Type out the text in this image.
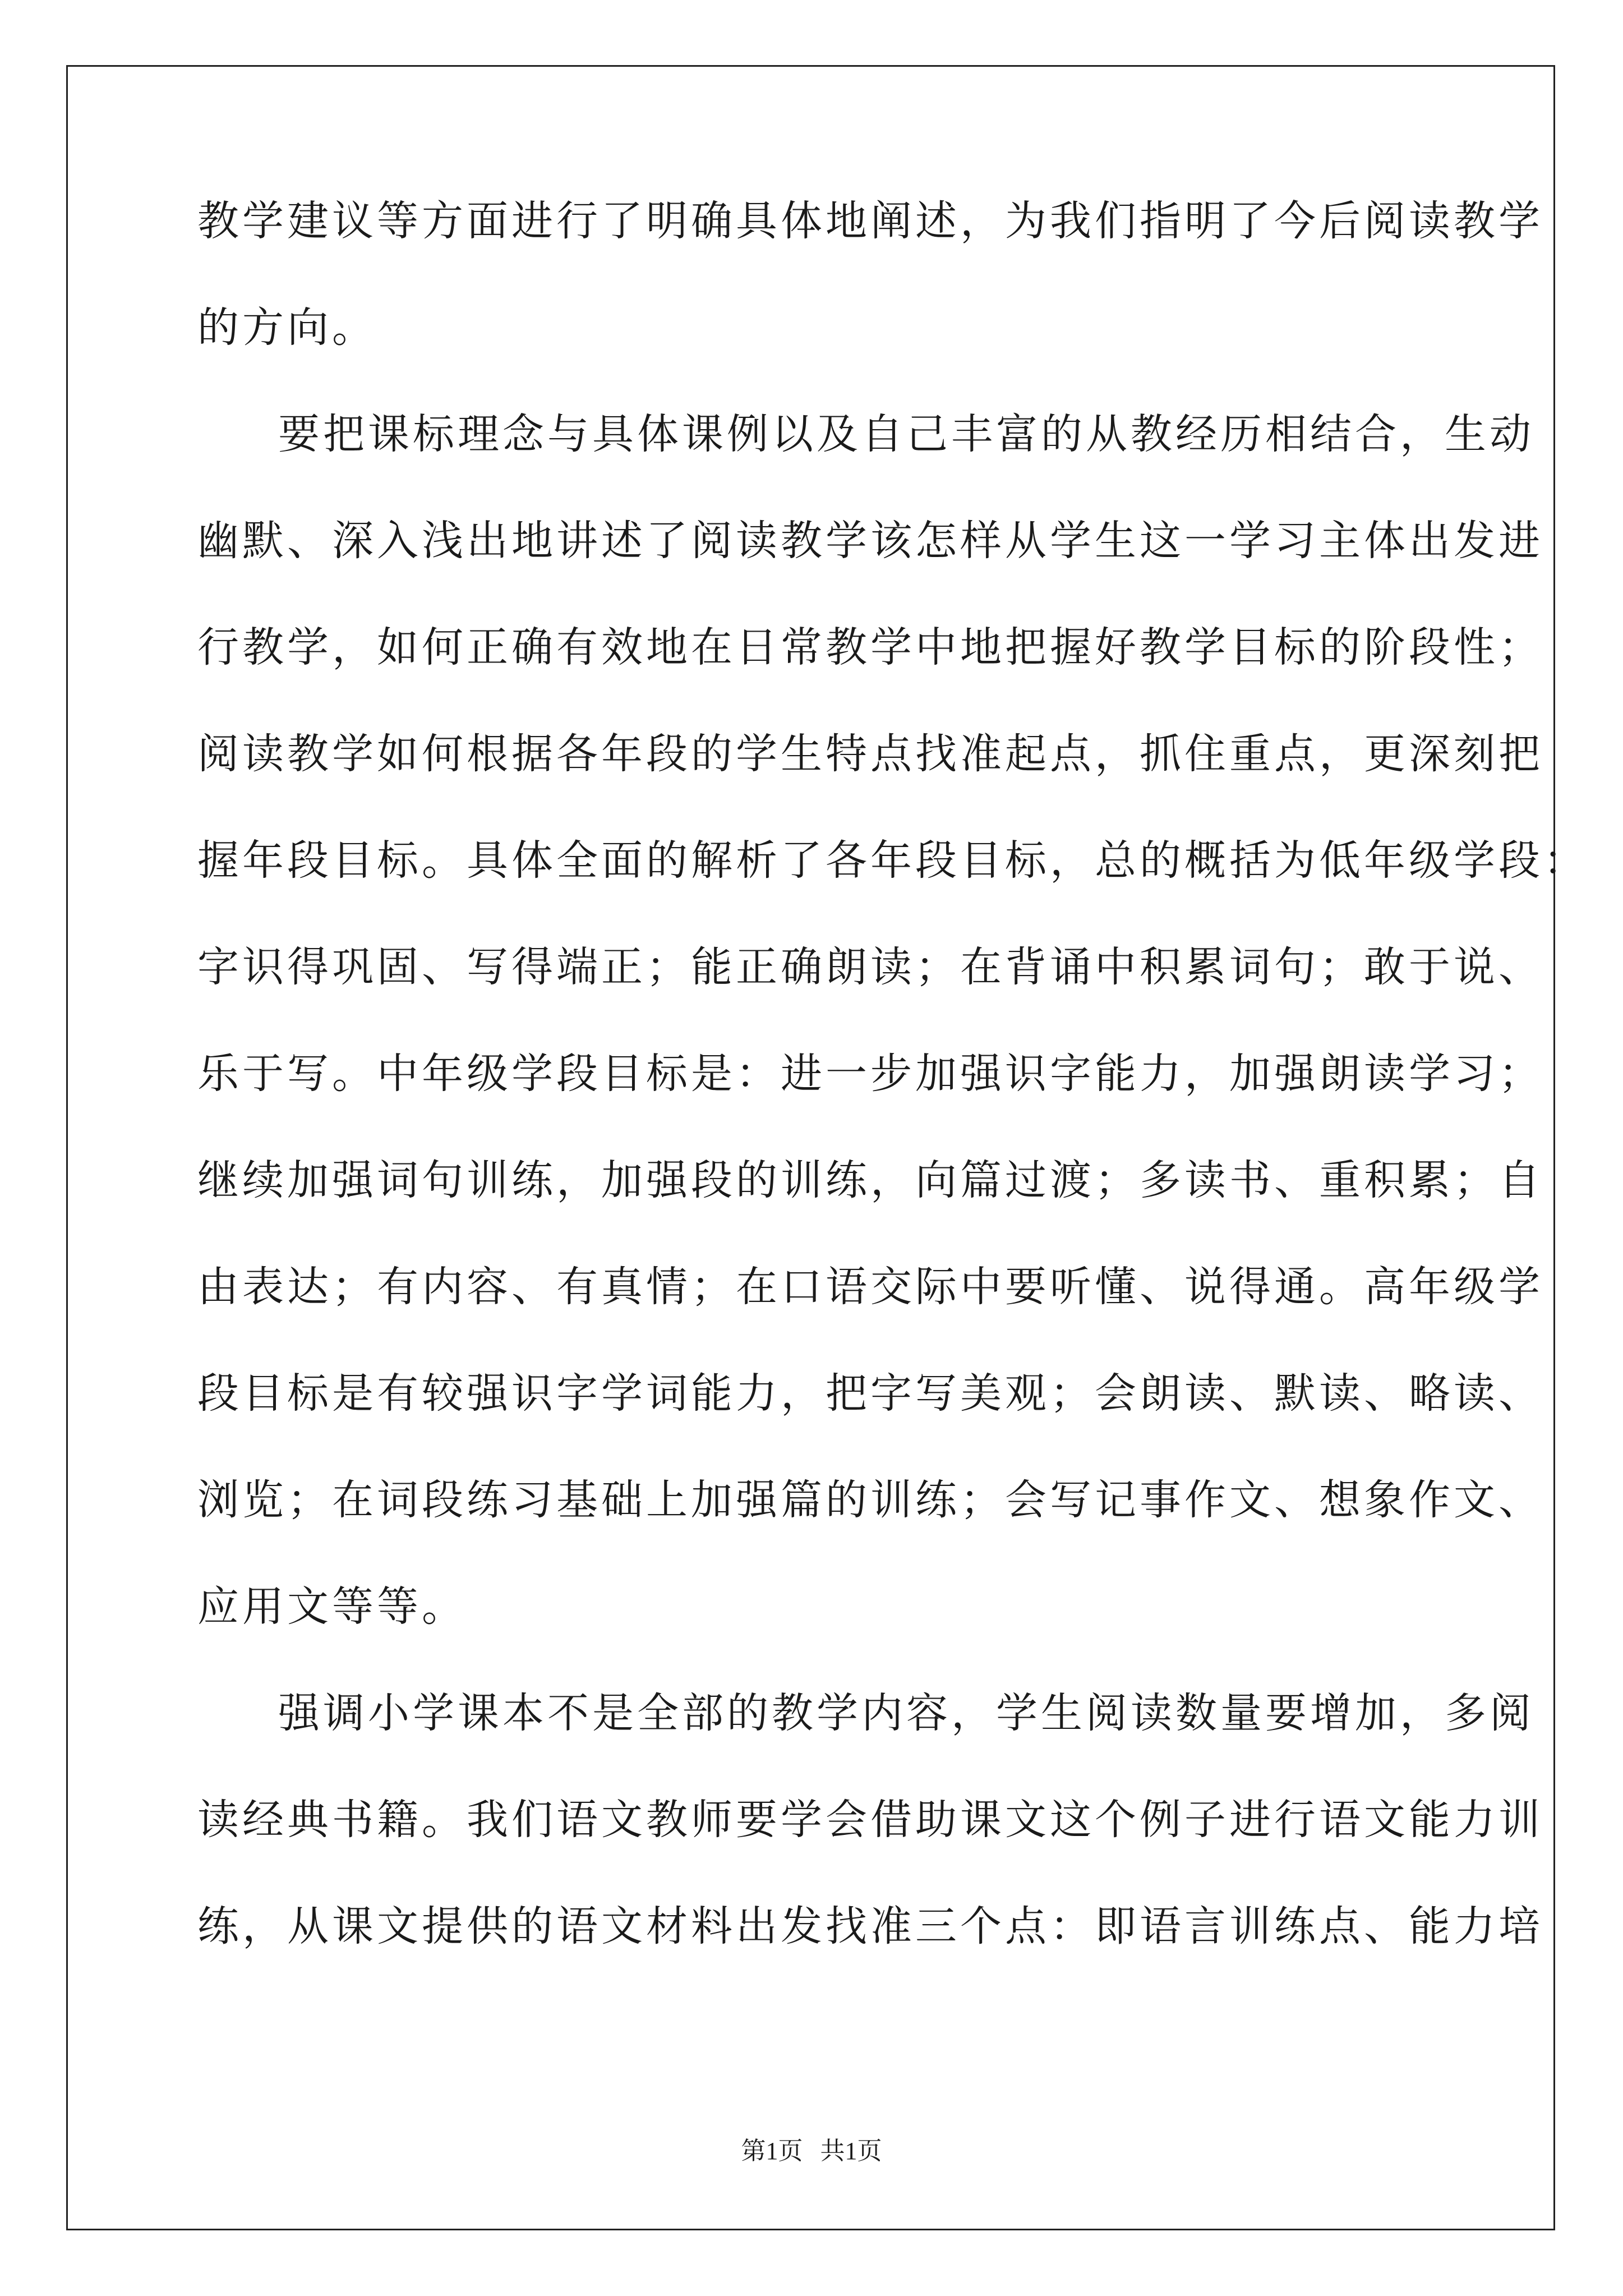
教学建议等方面进行了明确具体地阐述，为我们指明了今后阅读教学
的方向。
要把课标理念与具体课例以及自己丰富的从教经历相结合，生动
幽默、深入浅出地讲述了阅读教学该怎样从学生这一学习主体出发进
行教学，如何正确有效地在日常教学中地把握好教学目标的阶段性；
阅读教学如何根据各年段的学生特点找准起点，抓住重点，更深刻把
握年段目标。具体全面的解析了各年段目标，总的概括为低年级学段：
字识得巩固、写得端正；能正确朗读；在背诵中积累词句；敢于说、
乐于写。中年级学段目标是：进一步加强识字能力，加强朗读学习；
继续加强词句训练，加强段的训练，向篇过渡；多读书、重积累；自
由表达；有内容、有真情；在口语交际中要听懂、说得通。高年级学
段目标是有较强识字学词能力，把字写美观；会朗读、默读、略读、
浏览；在词段练习基础上加强篇的训练；会写记事作文、想象作文、
应用文等等。
强调小学课本不是全部的教学内容，学生阅读数量要增加，多阅
读经典书籍。我们语文教师要学会借助课文这个例子进行语文能力训
练，从课文提供的语文材料出发找准三个点：即语言训练点、能力培
第1页 共1页
